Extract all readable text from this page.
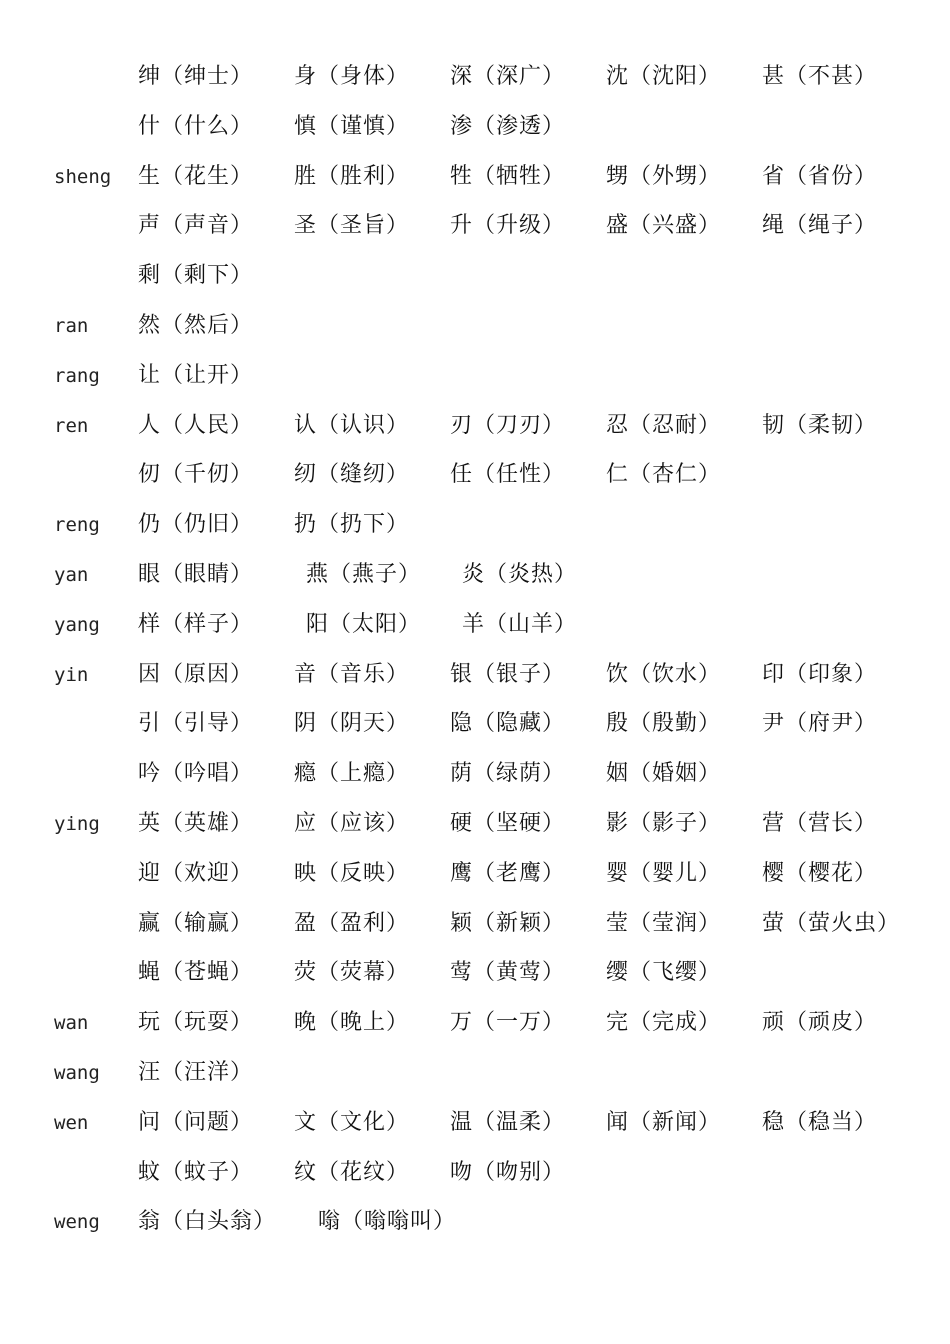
绅（绅士） 身（身体） 深（深广） 沈（沈阳） 甚（不甚）
什（什么） 慎（谨慎） 渗（渗透）
sheng 生（花生） 胜（胜利） 牲（牺牲） 甥（外甥） 省（省份）
声（声音） 圣（圣旨） 升（升级） 盛（兴盛） 绳（绳子）
剩（剩下）
ran 然（然后）
rang 让（让开）
ren 人（人民） 认（认识） 刃（刀刃） 忍（忍耐） 韧（柔韧）
仞（千仞） 纫（缝纫） 任（任性） 仁（杏仁）
reng 仍（仍旧） 扔（扔下）
yan 眼（眼睛） 燕（燕子） 炎（炎热）
yang 样（样子） 阳（太阳） 羊（山羊）
yin 因（原因） 音（音乐） 银（银子） 饮（饮水） 印（印象）
引（引导） 阴（阴天） 隐（隐藏） 殷（殷勤） 尹（府尹）
吟（吟唱） 瘾（上瘾） 荫（绿荫） 姻（婚姻）
ying 英（英雄） 应（应该） 硬（坚硬） 影（影子） 营（营长）
迎（欢迎） 映（反映） 鹰（老鹰） 婴（婴儿） 樱（樱花）
赢（输赢） 盈（盈利） 颖（新颖） 莹（莹润） 萤（萤火虫）
蝇（苍蝇） 荧（荧幕） 莺（黄莺） 缨（飞缨）
wan 玩（玩耍） 晚（晚上） 万（一万） 完（完成） 顽（顽皮）
wang 汪（汪洋）
wen 问（问题） 文（文化） 温（温柔） 闻（新闻） 稳（稳当）
蚊（蚊子） 纹（花纹） 吻（吻别）
weng 翁（白头翁） 嗡（嗡嗡叫）
